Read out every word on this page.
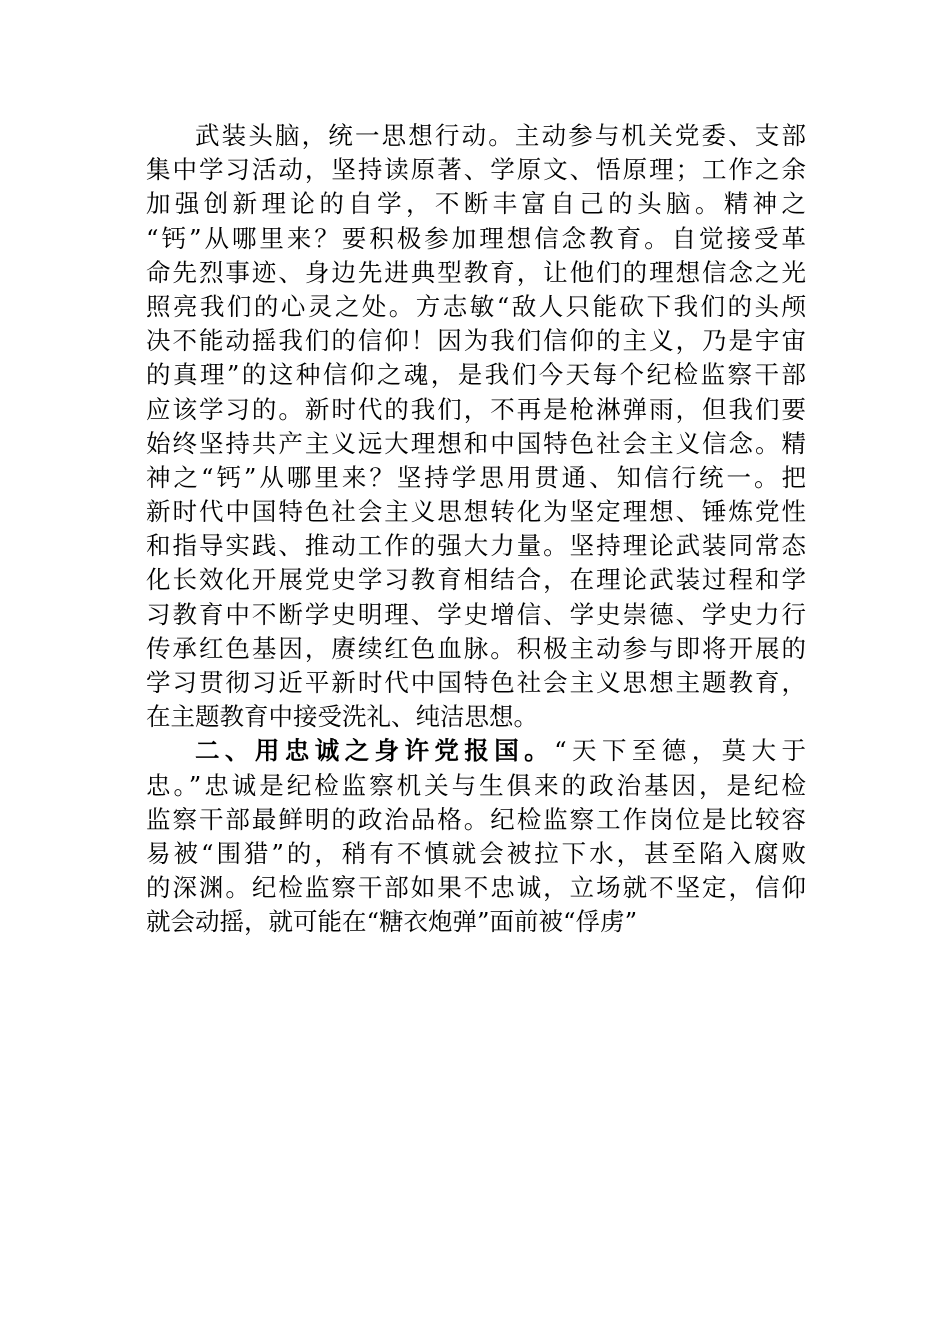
武装头脑，统一思想行动。主动参与机关党委、支部
集中学习活动，坚持读原著、学原文、悟原理；工作之余
加强创新理论的自学，不断丰富自己的头脑。精神之
“钙”从哪里来？要积极参加理想信念教育。自觉接受革
命先烈事迹、身边先进典型教育，让他们的理想信念之光
照亮我们的心灵之处。方志敏“敌人只能砍下我们的头颅
决不能动摇我们的信仰！因为我们信仰的主义，乃是宇宙
的真理”的这种信仰之魂，是我们今天每个纪检监察干部
应该学习的。新时代的我们，不再是枪淋弹雨，但我们要
始终坚持共产主义远大理想和中国特色社会主义信念。精
神之“钙”从哪里来？坚持学思用贯通、知信行统一。把
新时代中国特色社会主义思想转化为坚定理想、锤炼党性
和指导实践、推动工作的强大力量。坚持理论武装同常态
化长效化开展党史学习教育相结合，在理论武装过程和学
习教育中不断学史明理、学史增信、学史崇德、学史力行
传承红色基因，赓续红色血脉。积极主动参与即将开展的
学习贯彻习近平新时代中国特色社会主义思想主题教育，
在主题教育中接受洗礼、纯洁思想。
二、用忠诚之身许党报国。“天下至德，莫大于
忠。”忠诚是纪检监察机关与生俱来的政治基因，是纪检
监察干部最鲜明的政治品格。纪检监察工作岗位是比较容
易被“围猎”的，稍有不慎就会被拉下水，甚至陷入腐败
的深渊。纪检监察干部如果不忠诚，立场就不坚定，信仰
就会动摇，就可能在“糖衣炮弹”面前被“俘虏”
